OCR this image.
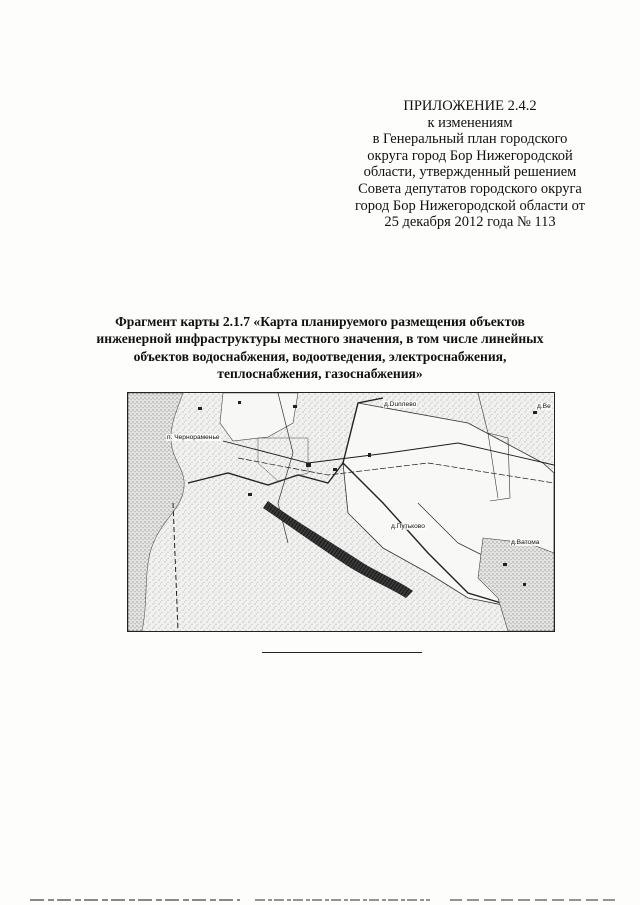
ПРИЛОЖЕНИЕ 2.4.2
к изменениям
в Генеральный план городского
округа город Бор Нижегородской
области, утвержденный решением
Совета депутатов городского округа
город Бор Нижегородской области от
25 декабря 2012 года № 113
Фрагмент карты 2.1.7 «Карта планируемого размещения объектов
инженерной инфраструктуры местного значения, в том числе линейных
объектов водоснабжения, водоотведения, электроснабжения,
теплоснабжения, газоснабжения»
п. Чернораменье
д.Duплево
д.Путьково
д.Ватома
д.Ве
